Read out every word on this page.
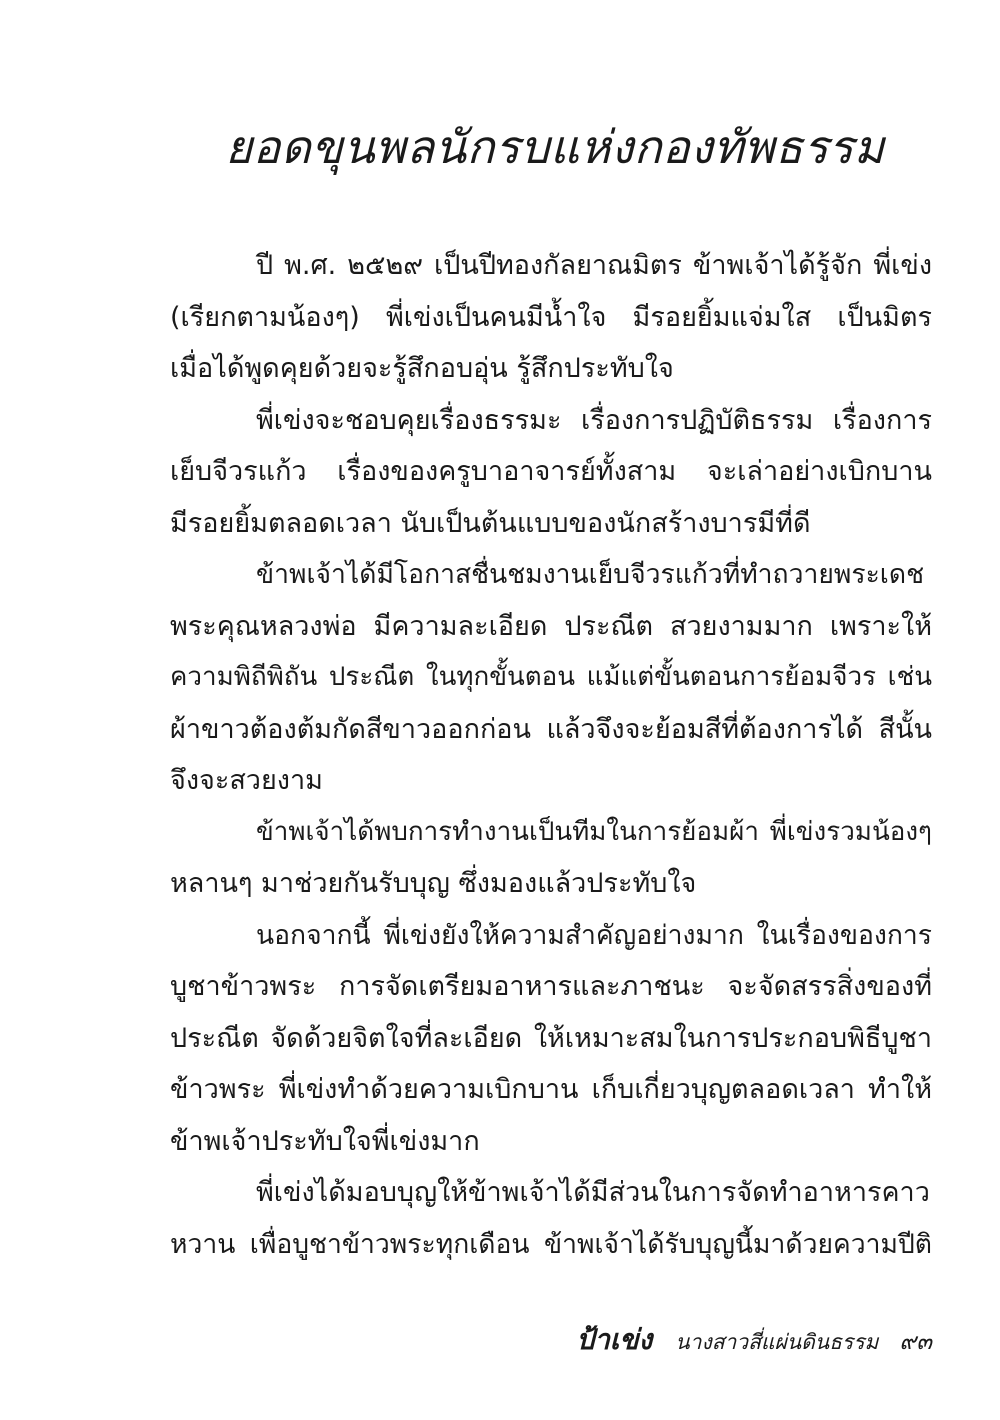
ยอดขุนพลนักรบแห่งกองทัพธรรม
ปี พ.ศ. ๒๕๒๙ เป็นปีทองกัลยาณมิตร ข้าพเจ้าได้รู้จัก พี่เข่ง
(เรียกตามน้องๆ) พี่เข่งเป็นคนมีน้ำใจ มีรอยยิ้มแจ่มใส เป็นมิตร
เมื่อได้พูดคุยด้วยจะรู้สึกอบอุ่น รู้สึกประทับใจ
พี่เข่งจะชอบคุยเรื่องธรรมะ เรื่องการปฏิบัติธรรม เรื่องการ
เย็บจีวรแก้ว เรื่องของครูบาอาจารย์ทั้งสาม จะเล่าอย่างเบิกบาน
มีรอยยิ้มตลอดเวลา นับเป็นต้นแบบของนักสร้างบารมีที่ดี
ข้าพเจ้าได้มีโอกาสชื่นชมงานเย็บจีวรแก้วที่ทำถวายพระเดช
พระคุณหลวงพ่อ มีความละเอียด ประณีต สวยงามมาก เพราะให้
ความพิถีพิถัน ประณีต ในทุกขั้นตอน แม้แต่ขั้นตอนการย้อมจีวร เช่น
ผ้าขาวต้องต้มกัดสีขาวออกก่อน แล้วจึงจะย้อมสีที่ต้องการได้ สีนั้น
จึงจะสวยงาม
ข้าพเจ้าได้พบการทำงานเป็นทีมในการย้อมผ้า พี่เข่งรวมน้องๆ
หลานๆ มาช่วยกันรับบุญ ซึ่งมองแล้วประทับใจ
นอกจากนี้ พี่เข่งยังให้ความสำคัญอย่างมาก ในเรื่องของการ
บูชาข้าวพระ การจัดเตรียมอาหารและภาชนะ จะจัดสรรสิ่งของที่
ประณีต จัดด้วยจิตใจที่ละเอียด ให้เหมาะสมในการประกอบพิธีบูชา
ข้าวพระ พี่เข่งทำด้วยความเบิกบาน เก็บเกี่ยวบุญตลอดเวลา ทำให้
ข้าพเจ้าประทับใจพี่เข่งมาก
พี่เข่งได้มอบบุญให้ข้าพเจ้าได้มีส่วนในการจัดทำอาหารคาว
หวาน เพื่อบูชาข้าวพระทุกเดือน ข้าพเจ้าได้รับบุญนี้มาด้วยความปีติ
ป้าเข่ง นางสาวสี่แผ่นดินธรรม ๙๓
